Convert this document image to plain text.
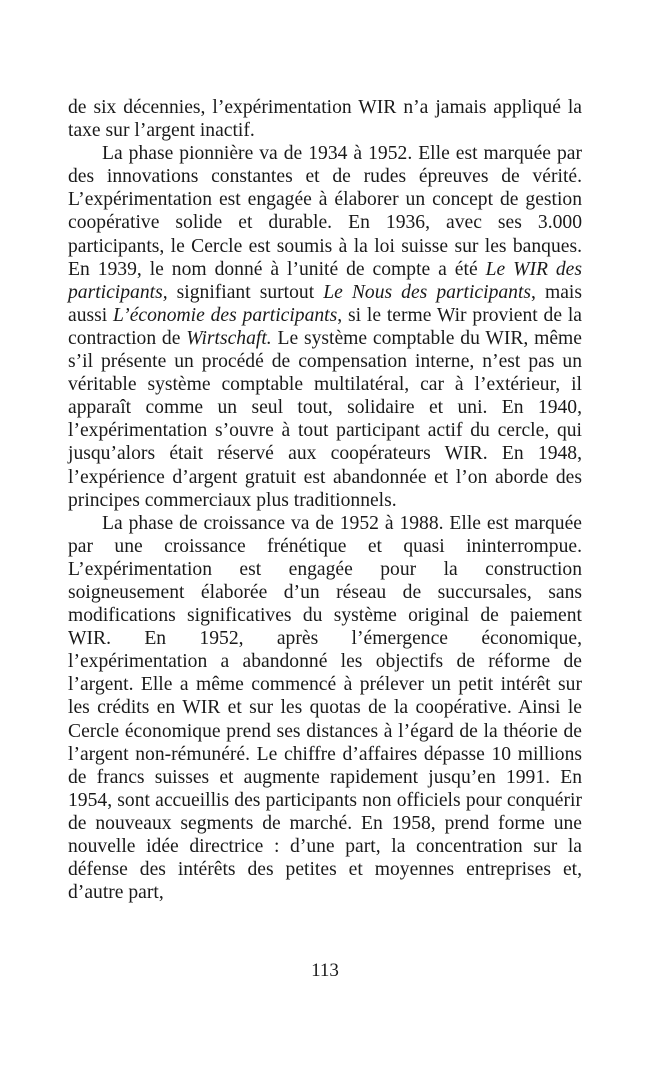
de six décennies, l’expérimentation WIR n’a jamais appliqué la taxe sur l’argent inactif.

La phase pionnière va de 1934 à 1952. Elle est marquée par des innovations constantes et de rudes épreuves de vérité. L’expérimentation est engagée à élaborer un concept de gestion coopérative solide et durable. En 1936, avec ses 3.000 participants, le Cercle est soumis à la loi suisse sur les banques. En 1939, le nom donné à l’unité de compte a été Le WIR des participants, signifiant surtout Le Nous des participants, mais aussi L’économie des participants, si le terme Wir provient de la contraction de Wirtschaft. Le système comptable du WIR, même s’il présente un procédé de compensation interne, n’est pas un véritable système comptable multilatéral, car à l’extérieur, il apparaît comme un seul tout, solidaire et uni. En 1940, l’expérimentation s’ouvre à tout participant actif du cercle, qui jusqu’alors était réservé aux coopérateurs WIR. En 1948, l’expérience d’argent gratuit est abandonnée et l’on aborde des principes commerciaux plus traditionnels.

La phase de croissance va de 1952 à 1988. Elle est marquée par une croissance frénétique et quasi ininterrompue. L’expérimentation est engagée pour la construction soigneusement élaborée d’un réseau de succursales, sans modifications significatives du système original de paiement WIR. En 1952, après l’émergence économique, l’expérimentation a abandonné les objectifs de réforme de l’argent. Elle a même commencé à prélever un petit intérêt sur les crédits en WIR et sur les quotas de la coopérative. Ainsi le Cercle économique prend ses distances à l’égard de la théorie de l’argent non-rémunéré. Le chiffre d’affaires dépasse 10 millions de francs suisses et augmente rapidement jusqu’en 1991. En 1954, sont accueillis des participants non officiels pour conquérir de nouveaux segments de marché. En 1958, prend forme une nouvelle idée directrice : d’une part, la concentration sur la défense des intérêts des petites et moyennes entreprises et, d’autre part,

113
